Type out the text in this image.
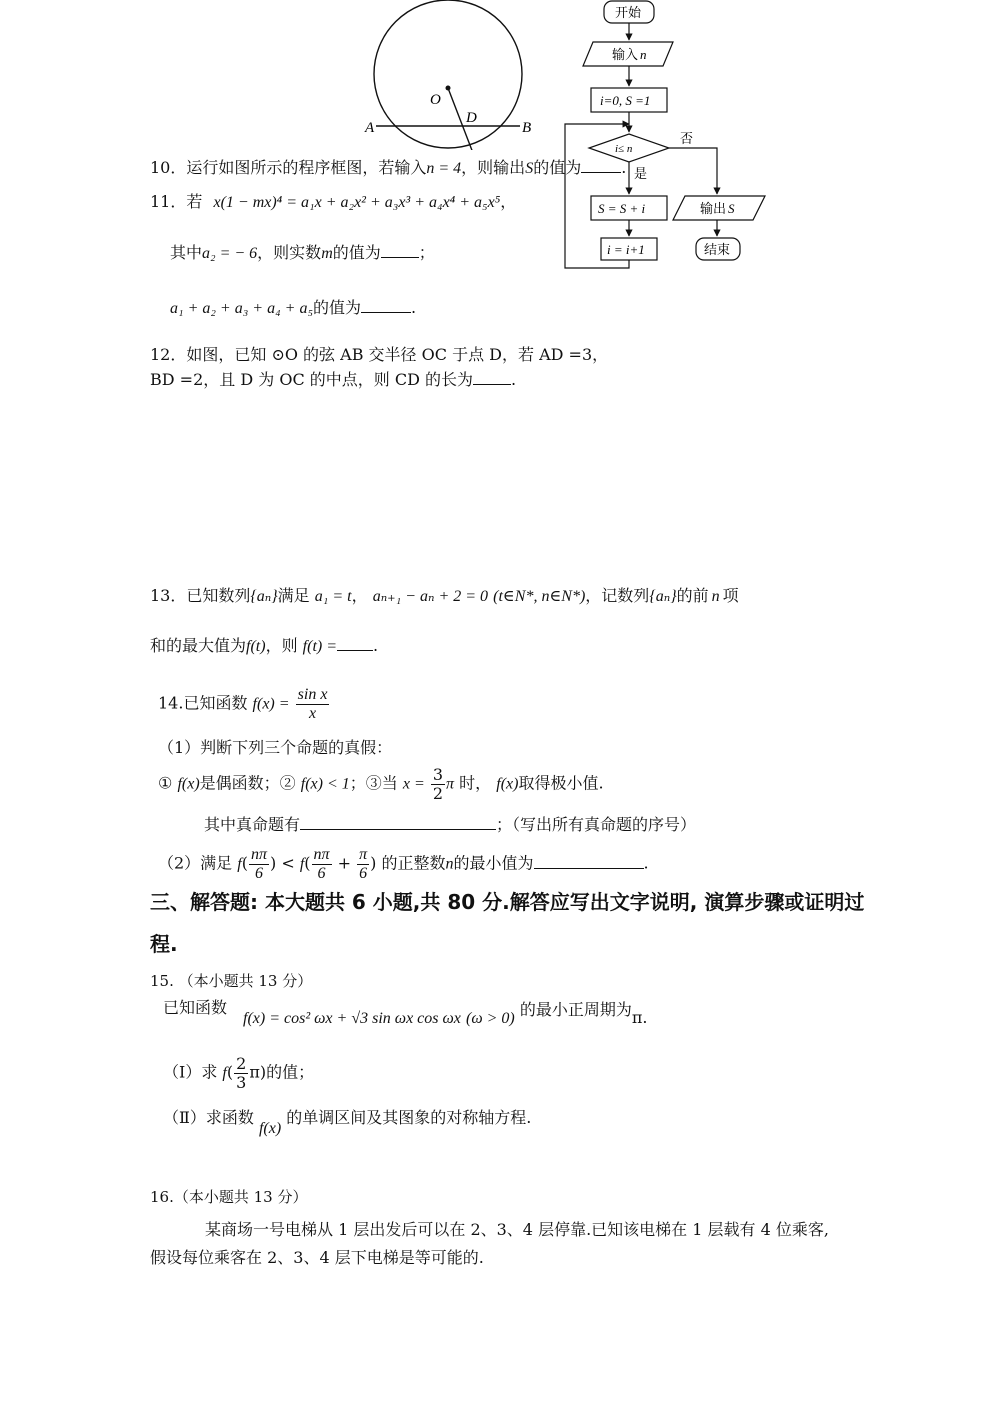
O
A	B
D
开始
输入 n
i=0, S =1
i≤ n
否
是
S = S + i
i = i+1
输出 S
结束
10．运行如图所示的程序框图，若输入n = 4，则输出S的值为	.
11．若 x(1 − mx)⁴ = a₁x + a₂x² + a₃x³ + a₄x⁴ + a₅x⁵，
其中a₂ = − 6，则实数m的值为 ；
a₁ + a₂ + a₃ + a₄ + a₅的值为	.
12．如图，已知 ⊙O 的弦 AB 交半径 OC 于点 D，若 AD =3，
BD =2，且 D 为 OC 的中点，则 CD 的长为 .
13．已知数列{aₙ}满足 a₁ = t， aₙ₊₁ − aₙ + 2 = 0 (t∈N*, n∈N*)，记数列{aₙ}的前 n 项
和的最大值为f(t)，则 f(t) = .
14.已知函数 $f(x) = \frac{\text{sin x}}{x}$
（1）判断下列三个命题的真假：
① f(x)是偶函数；② f(x) < 1；③当 $x = \frac{3}{2}$ π 时， f(x)取得极小值.
其中真命题有	；（写出所有真命题的序号）
（2）满足 $f( \frac{n\pi}{6}$ ) < $f( \frac{n\pi}{6} + \frac{\pi}{6}$ ) 的正整数n的最小值为	.
三、解答题: 本大题共 6 小题,共 80 分.解答应写出文字说明, 演算步骤或证明过
程.
15. （本小题共 13 分）
已知函数
f(x) = cos² ωx + √3 sin ωx cos ωx (ω > 0) 的最小正周期为π.
（Ⅰ）求 $f( \frac{2}{3} \pi)$的值；
（Ⅱ）求函数 f(x) 的单调区间及其图象的对称轴方程.
16.（本小题共 13 分）
某商场一号电梯从 1 层出发后可以在 2、3、4 层停靠.已知该电梯在 1 层载有 4 位乘客,
假设每位乘客在 2、3、4 层下电梯是等可能的.
